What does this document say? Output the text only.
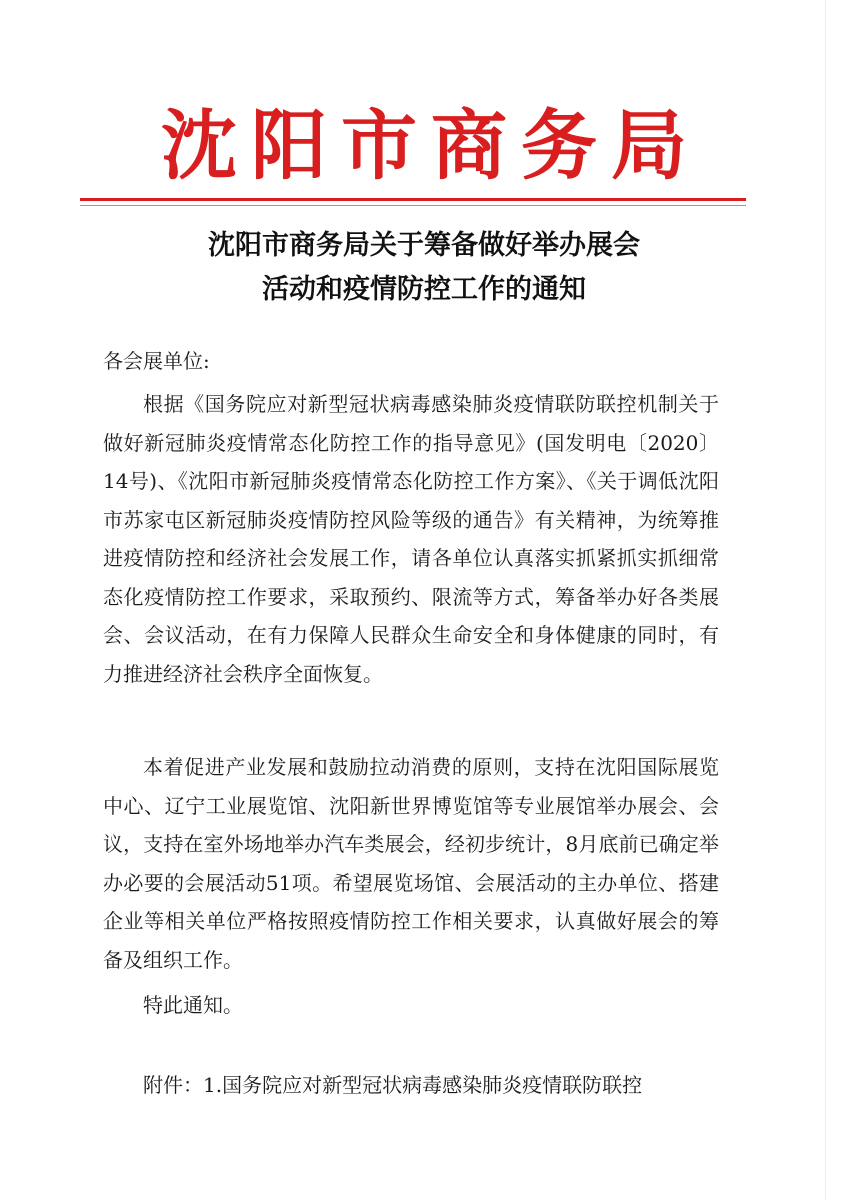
沈阳市商务局
沈阳市商务局关于筹备做好举办展会
活动和疫情防控工作的通知
各会展单位:

根据《国务院应对新型冠状病毒感染肺炎疫情联防联控机制关于做好新冠肺炎疫情常态化防控工作的指导意见》(国发明电〔2020〕14号)、《沈阳市新冠肺炎疫情常态化防控工作方案》、《关于调低沈阳市苏家屯区新冠肺炎疫情防控风险等级的通告》有关精神，为统筹推进疫情防控和经济社会发展工作，请各单位认真落实抓紧抓实抓细常态化疫情防控工作要求，采取预约、限流等方式，筹备举办好各类展会、会议活动，在有力保障人民群众生命安全和身体健康的同时，有力推进经济社会秩序全面恢复。

本着促进产业发展和鼓励拉动消费的原则，支持在沈阳国际展览中心、辽宁工业展览馆、沈阳新世界博览馆等专业展馆举办展会、会议，支持在室外场地举办汽车类展会，经初步统计，8月底前已确定举办必要的会展活动51项。希望展览场馆、会展活动的主办单位、搭建企业等相关单位严格按照疫情防控工作相关要求，认真做好展会的筹备及组织工作。

特此通知。
附件：1.国务院应对新型冠状病毒感染肺炎疫情联防联控
